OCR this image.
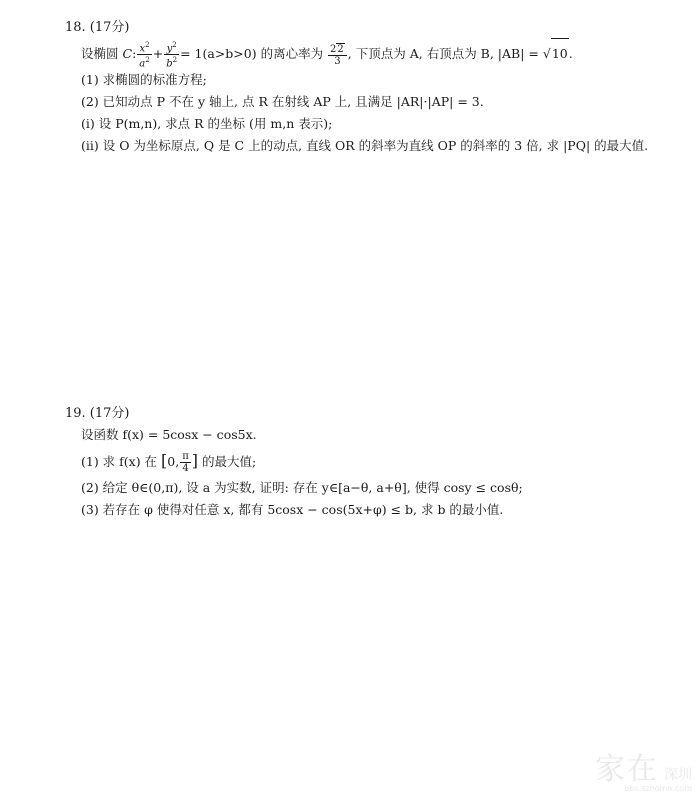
18. (17分)
设椭圆 C: $\frac{x^2}{a^2} + \frac{y^2}{b^2} = 1(a>b>0)$ 的离心率为 $\frac{22}{3}$ , 下顶点为 A, 右顶点为 B, |AB| = √10.
(1) 求椭圆的标准方程;
(2) 已知动点 P 不在 y 轴上, 点 R 在射线 AP 上, 且满足 |AR|·|AP| = 3.
(i) 设 P(m,n), 求点 R 的坐标 (用 m,n 表示);
(ii) 设 O 为坐标原点, Q 是 C 上的动点, 直线 OR 的斜率为直线 OP 的斜率的 3 倍, 求 |PQ| 的最大值.
19. (17分)
设函数 f(x) = 5cosx − cos5x.
(1) 求 f(x) 在 [0, $\frac{\pi}{4}$ ] 的最大值;
(2) 给定 θ∈(0,π), 设 a 为实数, 证明: 存在 y∈[a−θ, a+θ], 使得 cosy ≤ cosθ;
(3) 若存在 φ 使得对任意 x, 都有 5cosx − cos(5x+φ) ≤ b, 求 b 的最小值.
家在 深圳
bbs.szhome.com
